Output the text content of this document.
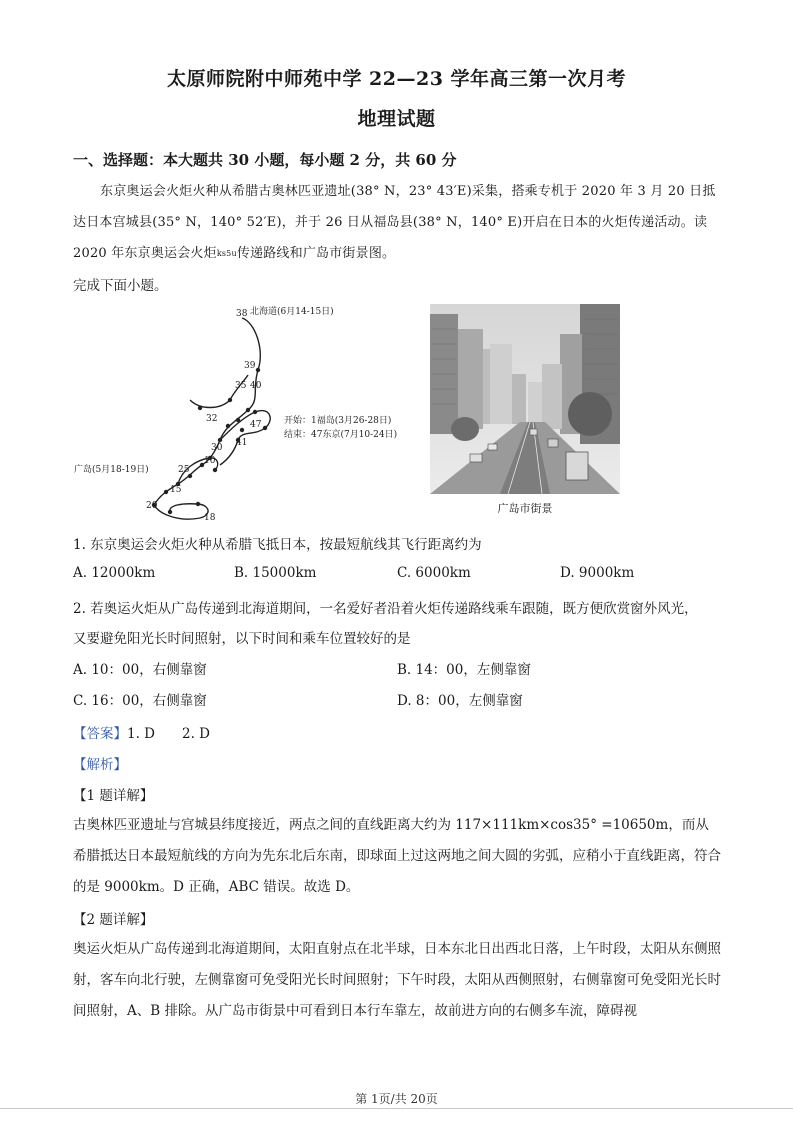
太原师院附中师苑中学 22—23 学年高三第一次月考
地理试题
一、选择题：本大题共 30 小题，每小题 2 分，共 60 分
东京奥运会火炬火种从希腊古奥林匹亚遗址(38° N，23° 43′E)采集，搭乘专机于 2020 年 3 月 20 日抵达日本宫城县(35° N，140° 52′E)，并于 26 日从福岛县(38° N，140° E)开启在日本的火炬传递活动。读 2020 年东京奥运会火炬$^{ks5u}$传递路线和广岛市街景图。
完成下面小题。
38
39
35 40
32
41
47
30
10
25
15
20
18
北海道(6月14-15日)
开始：1福岛(3月26-28日)
结束：47东京(7月10-24日)
广岛(5月18-19日)
广岛市街景
1. 东京奥运会火炬火种从希腊飞抵日本，按最短航线其飞行距离约为
A. 12000km	B. 15000km	C. 6000km	D. 9000km
2. 若奥运火炬从广岛传递到北海道期间，一名爱好者沿着火炬传递路线乘车跟随，既方便欣赏窗外风光，
又要避免阳光长时间照射，以下时间和乘车位置较好的是
A. 10：00，右侧靠窗	B. 14：00，左侧靠窗
C. 16：00，右侧靠窗	D. 8：00，左侧靠窗
【答案】1. D　　2. D
【解析】
【1 题详解】
古奥林匹亚遗址与宫城县纬度接近，两点之间的直线距离大约为 117×111km×cos35° =10650m，而从希腊抵达日本最短航线的方向为先东北后东南，即球面上过这两地之间大圆的劣弧，应稍小于直线距离，符合的是 9000km。D 正确，ABC 错误。故选 D。
【2 题详解】
奥运火炬从广岛传递到北海道期间，太阳直射点在北半球，日本东北日出西北日落，上午时段，太阳从东侧照射，客车向北行驶，左侧靠窗可免受阳光长时间照射；下午时段，太阳从西侧照射，右侧靠窗可免受阳光长时间照射，A、B 排除。从广岛市街景中可看到日本行车靠左，故前进方向的右侧多车流，障碍视
第 1页/共 20页
